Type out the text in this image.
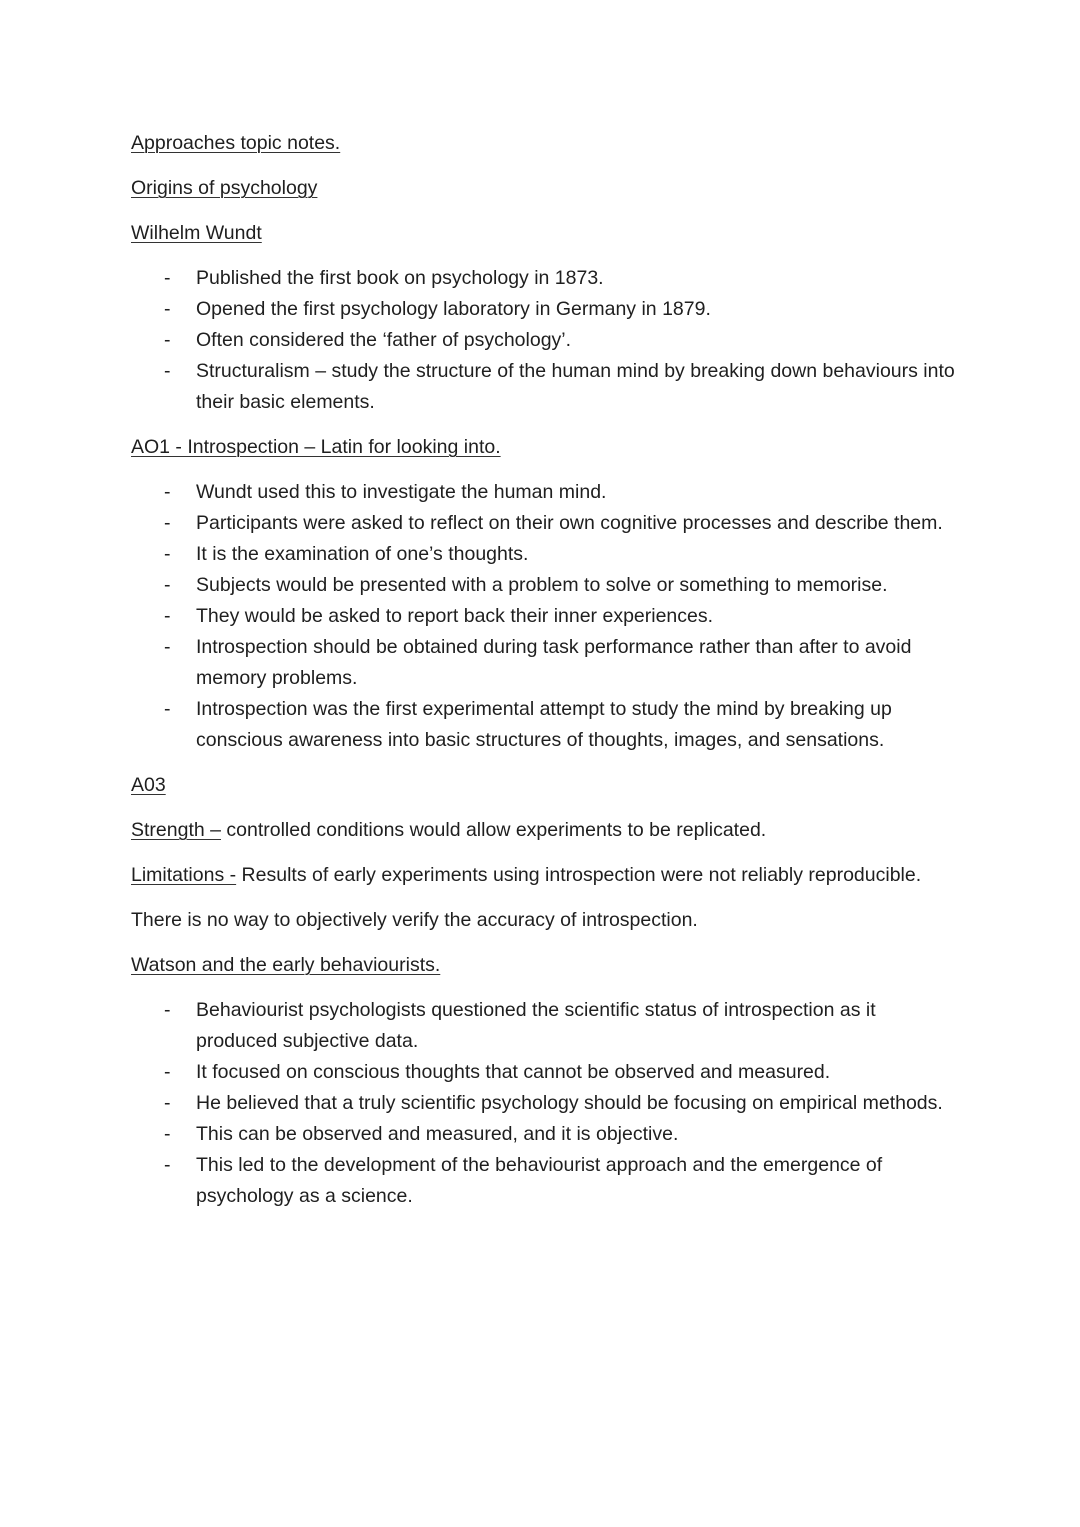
Approaches topic notes.
Origins of psychology
Wilhelm Wundt
- Published the first book on psychology in 1873.
- Opened the first psychology laboratory in Germany in 1879.
- Often considered the ‘father of psychology’.
- Structuralism – study the structure of the human mind by breaking down behaviours into their basic elements.
AO1 - Introspection – Latin for looking into.
- Wundt used this to investigate the human mind.
- Participants were asked to reflect on their own cognitive processes and describe them.
- It is the examination of one’s thoughts.
- Subjects would be presented with a problem to solve or something to memorise.
- They would be asked to report back their inner experiences.
- Introspection should be obtained during task performance rather than after to avoid memory problems.
- Introspection was the first experimental attempt to study the mind by breaking up conscious awareness into basic structures of thoughts, images, and sensations.
A03

Strength – controlled conditions would allow experiments to be replicated.

Limitations - Results of early experiments using introspection were not reliably reproducible.

There is no way to objectively verify the accuracy of introspection.

Watson and the early behaviourists.
- Behaviourist psychologists questioned the scientific status of introspection as it produced subjective data.
- It focused on conscious thoughts that cannot be observed and measured.
- He believed that a truly scientific psychology should be focusing on empirical methods.
- This can be observed and measured, and it is objective.
- This led to the development of the behaviourist approach and the emergence of psychology as a science.
